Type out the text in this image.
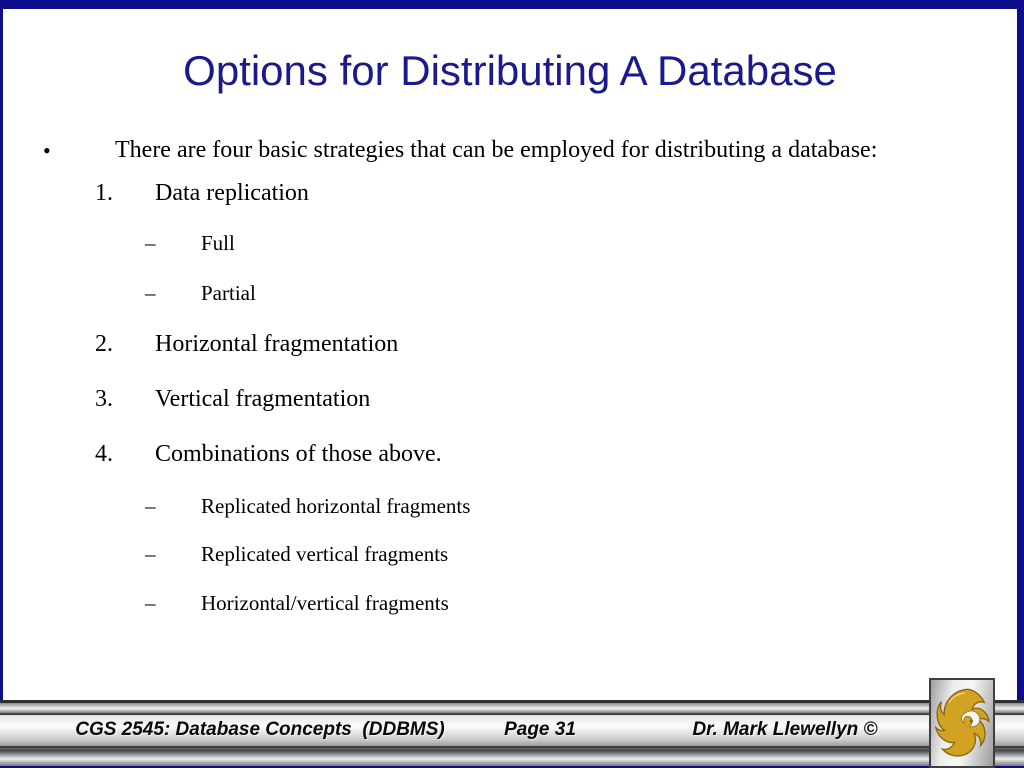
Options for Distributing A Database
•	There are four basic strategies that can be employed for distributing a database:
1. Data replication
– Full
– Partial
2. Horizontal fragmentation
3. Vertical fragmentation
4. Combinations of those above.
– Replicated horizontal fragments
– Replicated vertical fragments
– Horizontal/vertical fragments
CGS 2545: Database Concepts  (DDBMS)	Page 31	Dr. Mark Llewellyn ©
